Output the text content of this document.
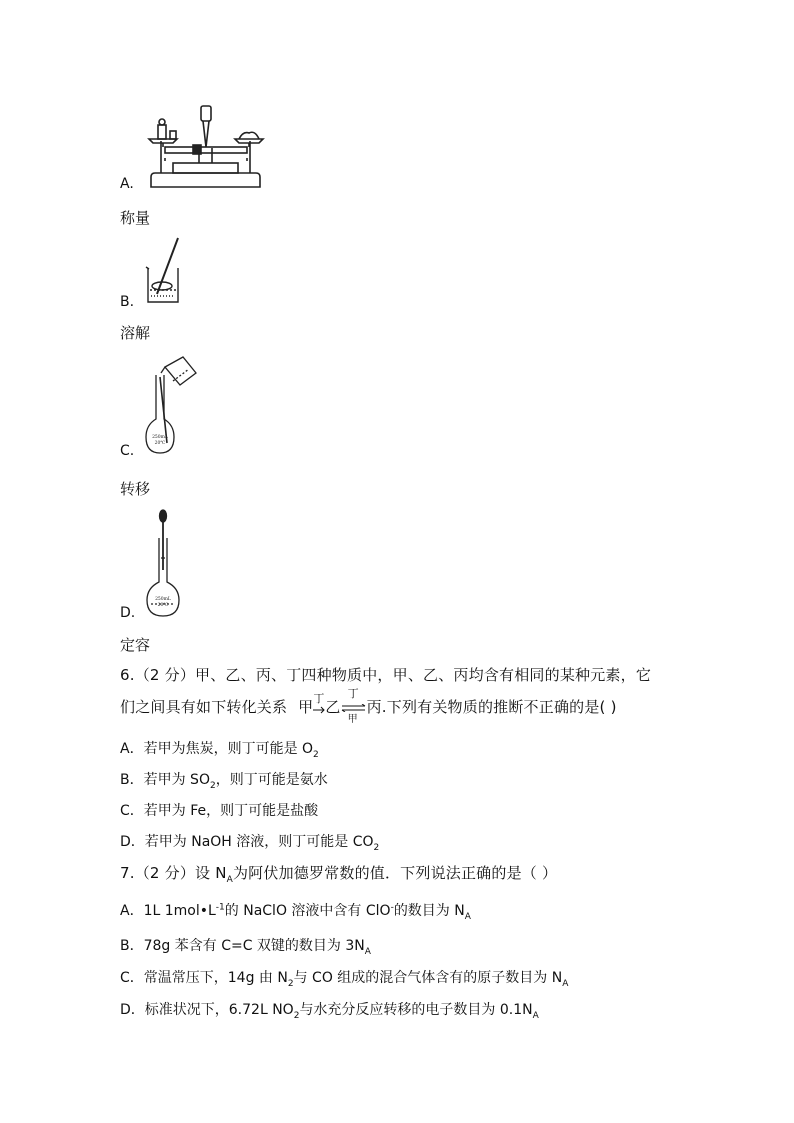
A.
称量
B.
溶解
C.
250mL
20℃
转移
D.
250mL
20℃
定容
6.（2 分）甲、乙、丙、丁四种物质中，甲、乙、丙均含有相同的某种元素，它
们之间具有如下转化关系 甲 丁 乙
丁
甲
丙.下列有关物质的推断不正确的是( )
A．若甲为焦炭，则丁可能是 $O_2$
B．若甲为 $SO_2$，则丁可能是氨水
C．若甲为 Fe，则丁可能是盐酸
D．若甲为 NaOH 溶液，则丁可能是 $CO_2$
7.（2 分）设 $N_A$为阿伏加德罗常数的值．下列说法正确的是（ ）
A．1L $1mol•L^{-1}$的 NaClO 溶液中含有 ClO-的数目为 $N_A$
B．78g 苯含有 C=C 双键的数目为 $3N_A$
C．常温常压下，14g 由 $N_2$与 CO 组成的混合气体含有的原子数目为 $N_A$
D．标准状况下，6.72L $NO_2$与水充分反应转移的电子数目为 $0.1N_A$
